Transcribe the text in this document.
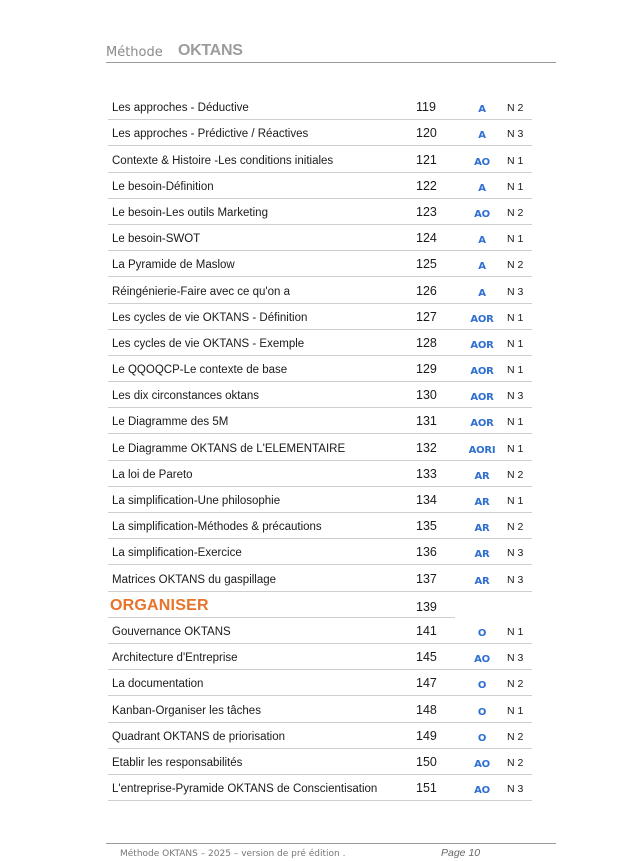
Méthode OKTANS
Les approches - Déductive	119	A	N 2
Les approches - Prédictive / Réactives	120	A	N 3
Contexte & Histoire -Les conditions initiales	121	AO	N 1
Le besoin-Définition	122	A	N 1
Le besoin-Les outils Marketing	123	AO	N 2
Le besoin-SWOT	124	A	N 1
La Pyramide de Maslow	125	A	N 2
Réingénierie-Faire avec ce qu'on a	126	A	N 3
Les cycles de vie OKTANS - Définition	127	AOR	N 1
Les cycles de vie OKTANS - Exemple	128	AOR	N 1
Le QQOQCP-Le contexte de base	129	AOR	N 1
Les dix circonstances oktans	130	AOR	N 3
Le Diagramme des 5M	131	AOR	N 1
Le Diagramme OKTANS de L'ELEMENTAIRE	132	AORI	N 1
La loi de Pareto	133	AR	N 2
La simplification-Une philosophie	134	AR	N 1
La simplification-Méthodes & précautions	135	AR	N 2
La simplification-Exercice	136	AR	N 3
Matrices OKTANS du gaspillage	137	AR	N 3
ORGANISER	139
Gouvernance OKTANS	141	O	N 1
Architecture d'Entreprise	145	AO	N 3
La documentation	147	O	N 2
Kanban-Organiser les tâches	148	O	N 1
Quadrant OKTANS de priorisation	149	O	N 2
Etablir les responsabilités	150	AO	N 2
L'entreprise-Pyramide OKTANS de Conscientisation	151	AO	N 3
Méthode OKTANS – 2025 – version de pré édition .	Page 10
